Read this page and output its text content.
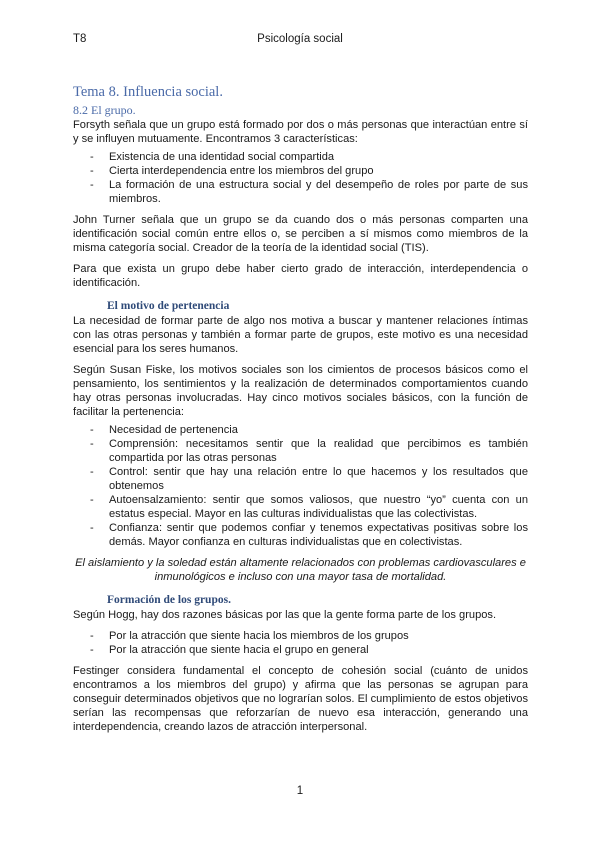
T8	Psicología social
Tema 8. Influencia social.
8.2 El grupo.

Forsyth señala que un grupo está formado por dos o más personas que interactúan entre sí y se influyen mutuamente. Encontramos 3 características:

- Existencia de una identidad social compartida
- Cierta interdependencia entre los miembros del grupo
- La formación de una estructura social y del desempeño de roles por parte de sus miembros.

John Turner señala que un grupo se da cuando dos o más personas comparten una identificación social común entre ellos o, se perciben a sí mismos como miembros de la misma categoría social. Creador de la teoría de la identidad social (TIS).

Para que exista un grupo debe haber cierto grado de interacción, interdependencia o identificación.

El motivo de pertenencia

La necesidad de formar parte de algo nos motiva a buscar y mantener relaciones íntimas con las otras personas y también a formar parte de grupos, este motivo es una necesidad esencial para los seres humanos.

Según Susan Fiske, los motivos sociales son los cimientos de procesos básicos como el pensamiento, los sentimientos y la realización de determinados comportamientos cuando hay otras personas involucradas. Hay cinco motivos sociales básicos, con la función de facilitar la pertenencia:

- Necesidad de pertenencia
- Comprensión: necesitamos sentir que la realidad que percibimos es también compartida por las otras personas
- Control: sentir que hay una relación entre lo que hacemos y los resultados que obtenemos
- Autoensalzamiento: sentir que somos valiosos, que nuestro “yo” cuenta con un estatus especial. Mayor en las culturas individualistas que las colectivistas.
- Confianza: sentir que podemos confiar y tenemos expectativas positivas sobre los demás. Mayor confianza en culturas individualistas que en colectivistas.

El aislamiento y la soledad están altamente relacionados con problemas cardiovasculares e inmunológicos e incluso con una mayor tasa de mortalidad.

Formación de los grupos.

Según Hogg, hay dos razones básicas por las que la gente forma parte de los grupos.

- Por la atracción que siente hacia los miembros de los grupos
- Por la atracción que siente hacia el grupo en general

Festinger considera fundamental el concepto de cohesión social (cuánto de unidos encontramos a los miembros del grupo) y afirma que las personas se agrupan para conseguir determinados objetivos que no lograrían solos. El cumplimiento de estos objetivos serían las recompensas que reforzarían de nuevo esa interacción, generando una interdependencia, creando lazos de atracción interpersonal.

1
